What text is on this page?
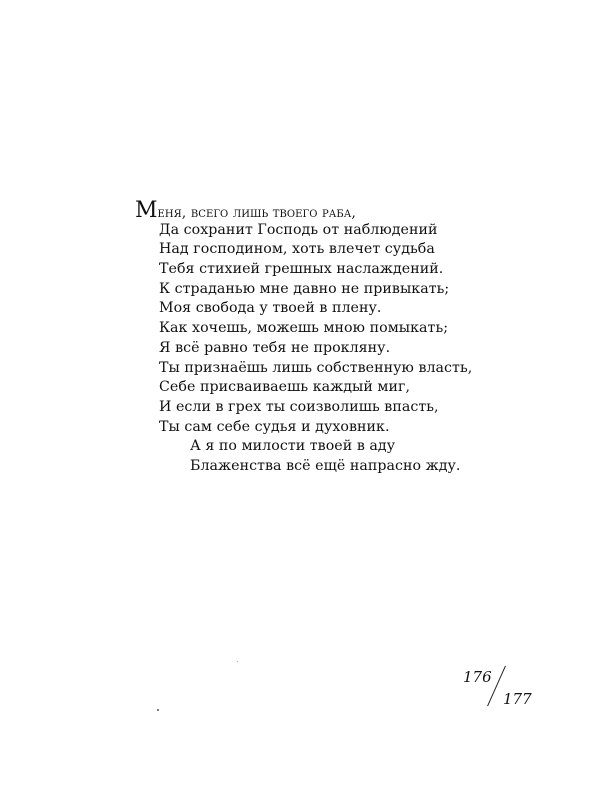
Меня, всего лишь твоего раба,
Да сохранит Господь от наблюдений
Над господином, хоть влечет судьба
Тебя стихией грешных наслаждений.
К страданью мне давно не привыкать;
Моя свобода у твоей в плену.
Как хочешь, можешь мною помыкать;
Я всё равно тебя не прокляну.
Ты признаёшь лишь собственную власть,
Себе присваиваешь каждый миг,
И если в грех ты соизволишь впасть,
Ты сам себе судья и духовник.
А я по милости твоей в аду
Блаженства всё ещё напрасно жду.
176
177
